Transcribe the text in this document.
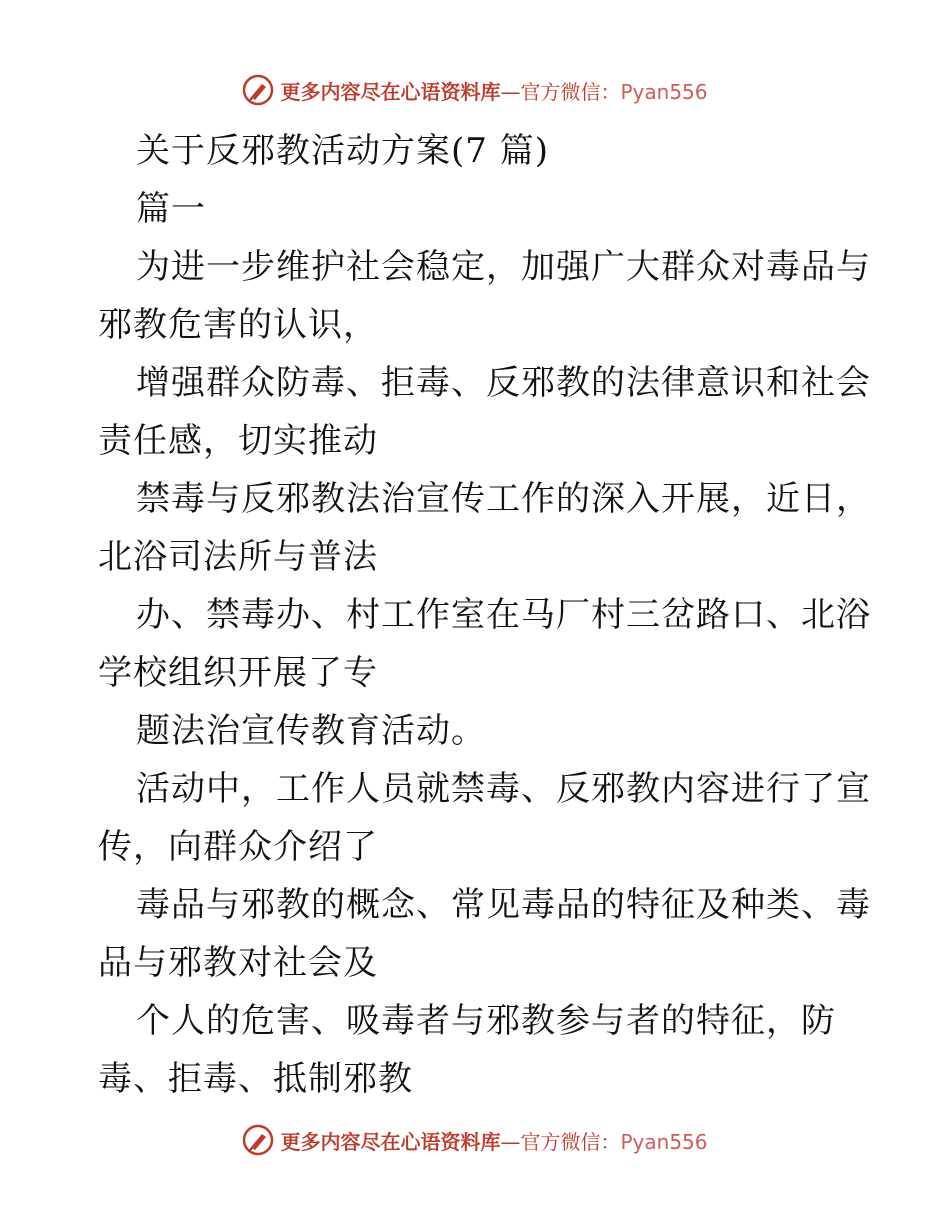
更多内容尽在心语资料库—官方微信：Pyan556
关于反邪教活动方案(7 篇)
篇一
为进一步维护社会稳定，加强广大群众对毒品与
邪教危害的认识，
增强群众防毒、拒毒、反邪教的法律意识和社会
责任感，切实推动
禁毒与反邪教法治宣传工作的深入开展，近日，
北浴司法所与普法
办、禁毒办、村工作室在马厂村三岔路口、北浴
学校组织开展了专
题法治宣传教育活动。
活动中，工作人员就禁毒、反邪教内容进行了宣
传，向群众介绍了
毒品与邪教的概念、常见毒品的特征及种类、毒
品与邪教对社会及
个人的危害、吸毒者与邪教参与者的特征，防
毒、拒毒、抵制邪教
更多内容尽在心语资料库—官方微信：Pyan556
